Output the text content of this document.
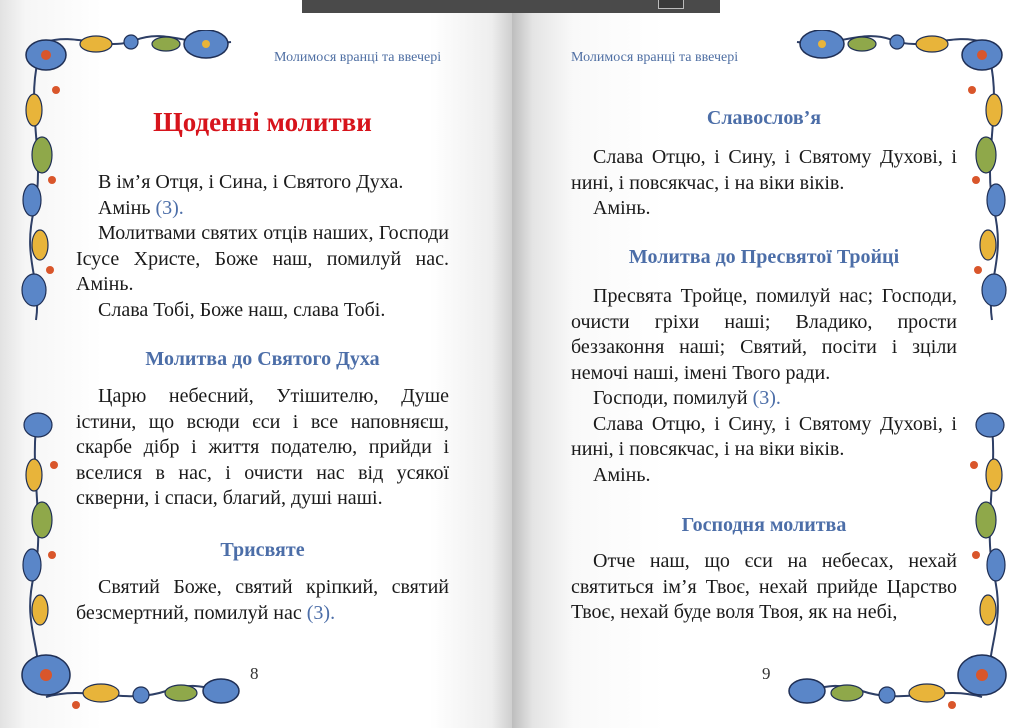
Молимося вранці та ввечері
Щоденні молитви

В ім’я Отця, і Сина, і Святого Духа.

Амінь (3).

Молитвами святих отців наших, Господи Ісусе Христе, Боже наш, помилуй нас. Амінь.

Слава Тобі, Боже наш, слава Тобі.

Молитва до Святого Духа

Царю небесний, Утішителю, Душе істини, що всюди єси і все наповняєш, скарбе дібр і життя подателю, прийди і вселися в нас, і очисти нас від усякої скверни, і спаси, благий, душі наші.

Трисвяте

Святий Боже, святий кріпкий, святий безсмертний, помилуй нас (3).

8
Молимося вранці та ввечері
Славослов’я

Слава Отцю, і Сину, і Святому Духові, і нині, і повсякчас, і на віки віків.

Амінь.

Молитва до Пресвятої Тройці

Пресвята Тройце, помилуй нас; Господи, очисти гріхи наші; Владико, прости беззаконня наші; Святий, посіти і зціли немочі наші, імені Твого ради.

Господи, помилуй (3).

Слава Отцю, і Сину, і Святому Духові, і нині, і повсякчас, і на віки віків.

Амінь.

Господня молитва

Отче наш, що єси на небесах, нехай святиться ім’я Твоє, нехай прийде Царство Твоє, нехай буде воля Твоя, як на небі,

9
